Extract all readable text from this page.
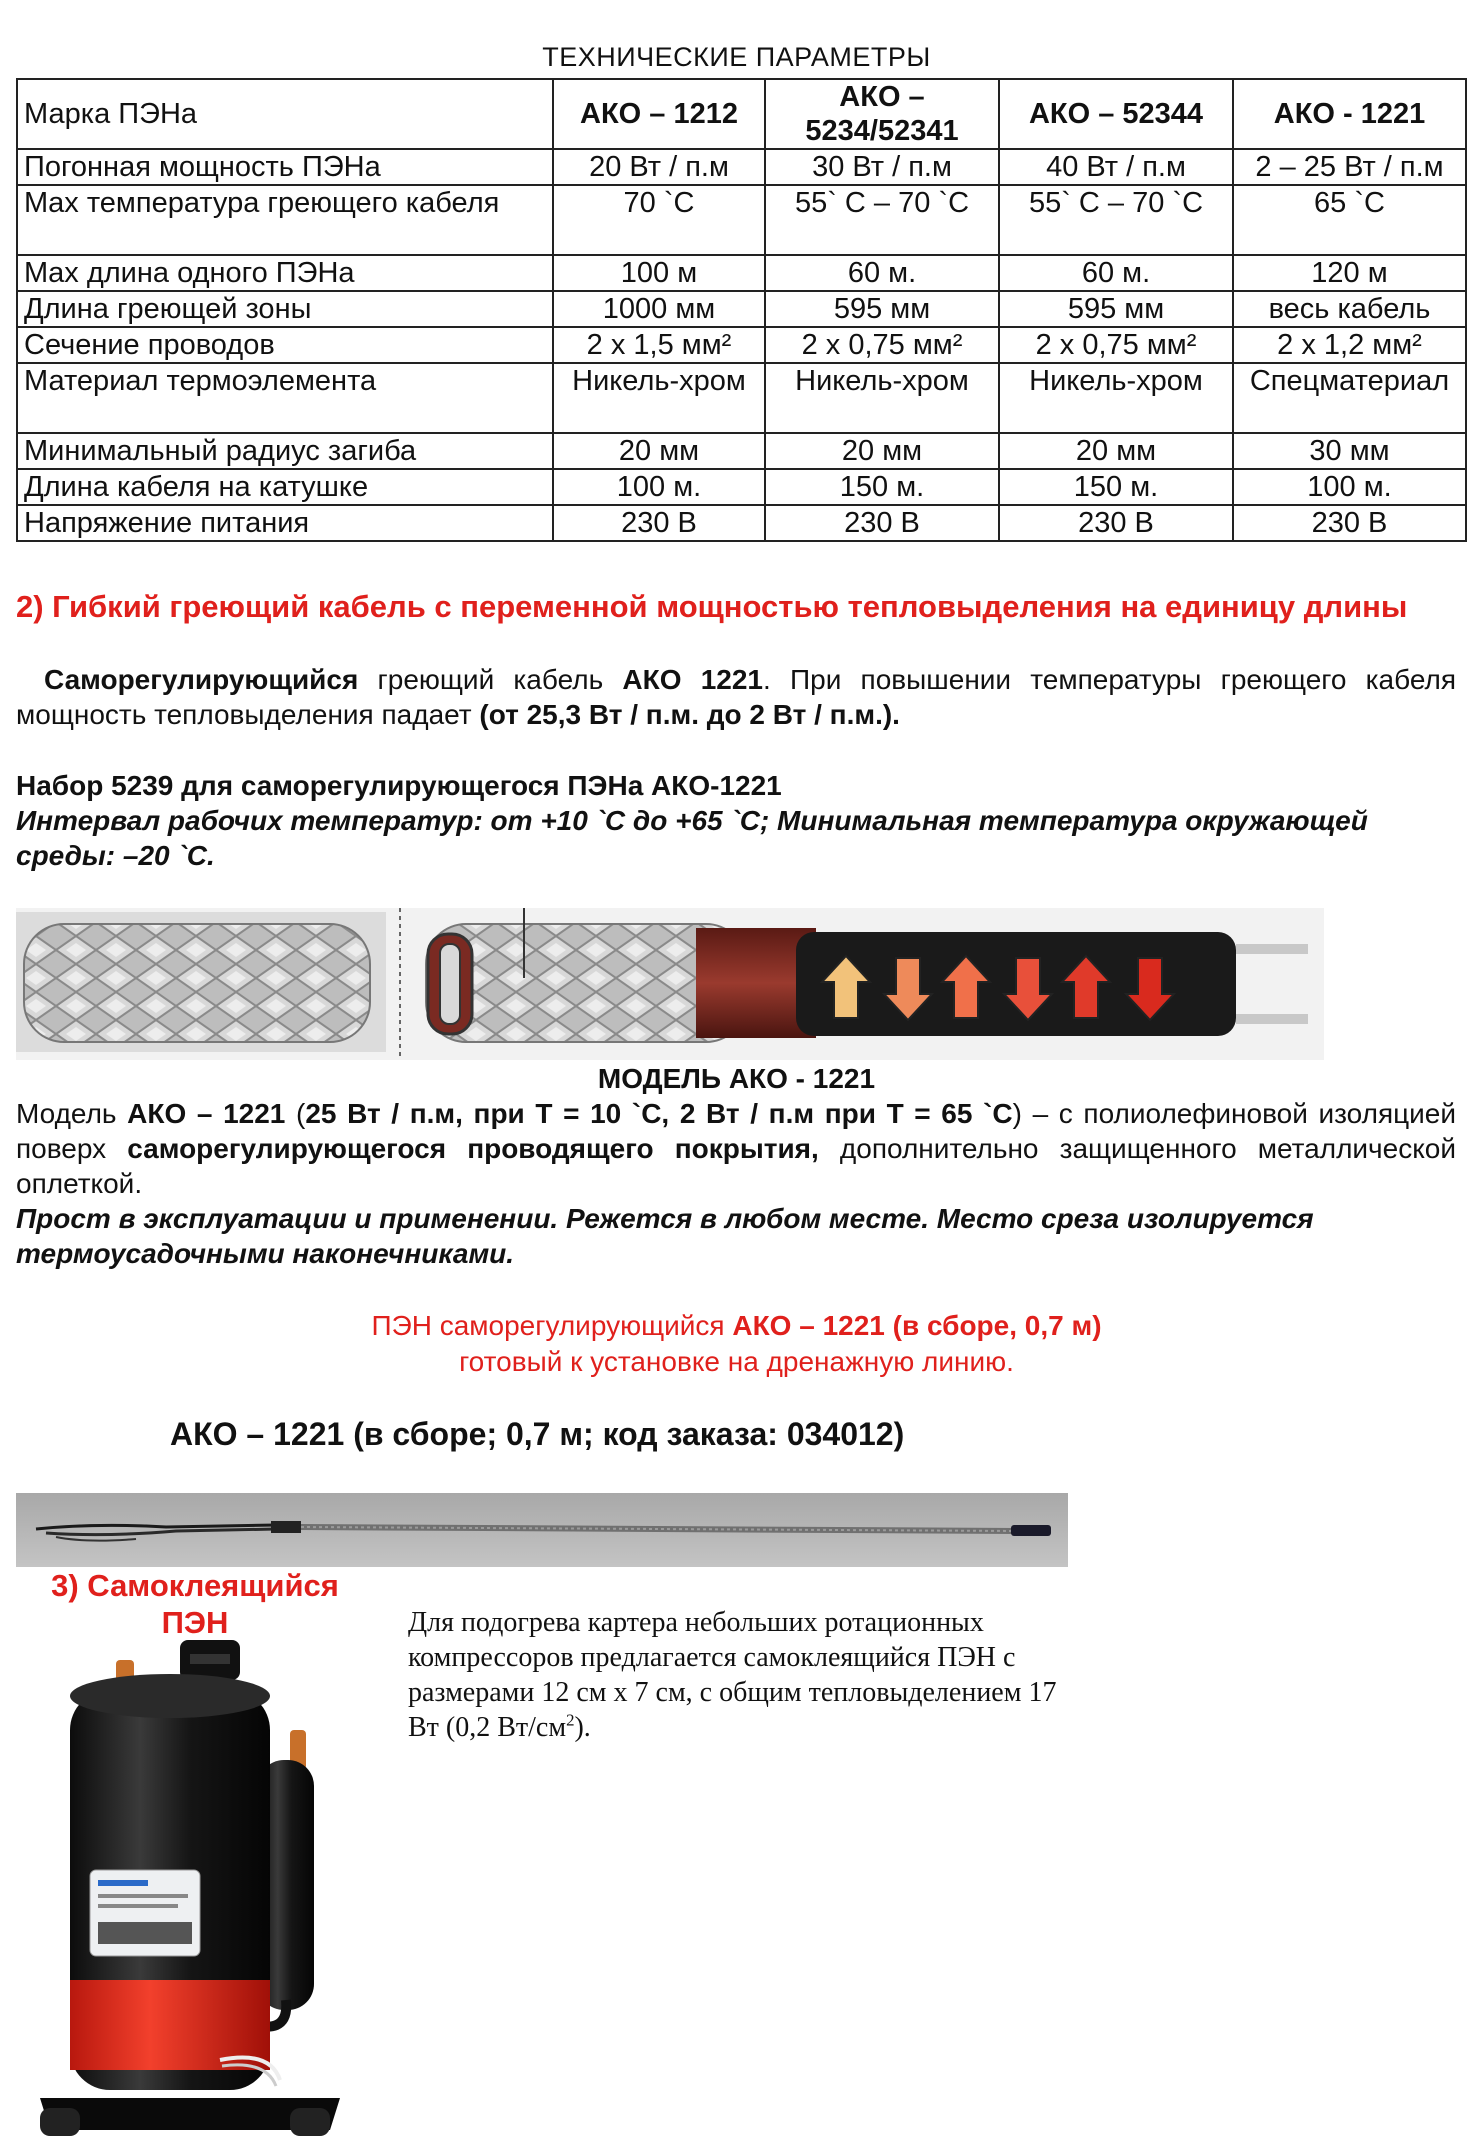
ТЕХНИЧЕСКИЕ ПАРАМЕТРЫ
Марка ПЭНа	АКО – 1212	АКО – 5234/52341	АКО – 52344	АКО - 1221
Погонная мощность ПЭНа	20 Вт / п.м	30 Вт / п.м	40 Вт / п.м	2 – 25 Вт / п.м
Max температура греющего кабеля	70 `C	55` C – 70 `C	55` C – 70 `C	65 `C
Max длина одного ПЭНа	100 м	60 м.	60 м.	120 м
Длина греющей зоны	1000 мм	595 мм	595 мм	весь кабель
Сечение проводов	2 x 1,5 мм²	2 x 0,75 мм²	2 x 0,75 мм²	2 x 1,2 мм²
Материал термоэлемента	Никель-хром	Никель-хром	Никель-хром	Спецматериал
Минимальный радиус загиба	20 мм	20 мм	20 мм	30 мм
Длина кабеля на катушке	100 м.	150 м.	150 м.	100 м.
Напряжение питания	230 В	230 В	230 В	230 В
2) Гибкий греющий кабель с переменной мощностью тепловыделения на единицу длины
Саморегулирующийся греющий кабель АКО 1221. При повышении температуры греющего кабеля мощность тепловыделения падает (от 25,3 Вт / п.м. до 2 Вт / п.м.).
Набор 5239 для саморегулирующегося ПЭНа АКО-1221
Интервал рабочих температур: от +10 `C до +65 `C; Минимальная температура окружающей среды: –20 `C.
МОДЕЛЬ АКО - 1221
Модель АКО – 1221 (25 Вт / п.м, при Т = 10 `C, 2 Вт / п.м при Т = 65 `C) – с полиолефиновой изоляцией поверх саморегулирующегося проводящего покрытия, дополнительно защищенного металлической оплеткой.
Прост в эксплуатации и применении. Режется в любом месте. Место среза изолируется термоусадочными наконечниками.
ПЭН саморегулирующийся АКО – 1221 (в сборе, 0,7 м)
готовый к установке на дренажную линию.
АКО – 1221 (в сборе; 0,7 м; код заказа: 034012)
3) Самоклеящийся
ПЭН	Для подогрева картера небольших ротационных компрессоров предлагается самоклеящийся ПЭН с размерами 12 см x 7 см, с общим тепловыделением 17 Вт (0,2 $Вт/см^2$).
